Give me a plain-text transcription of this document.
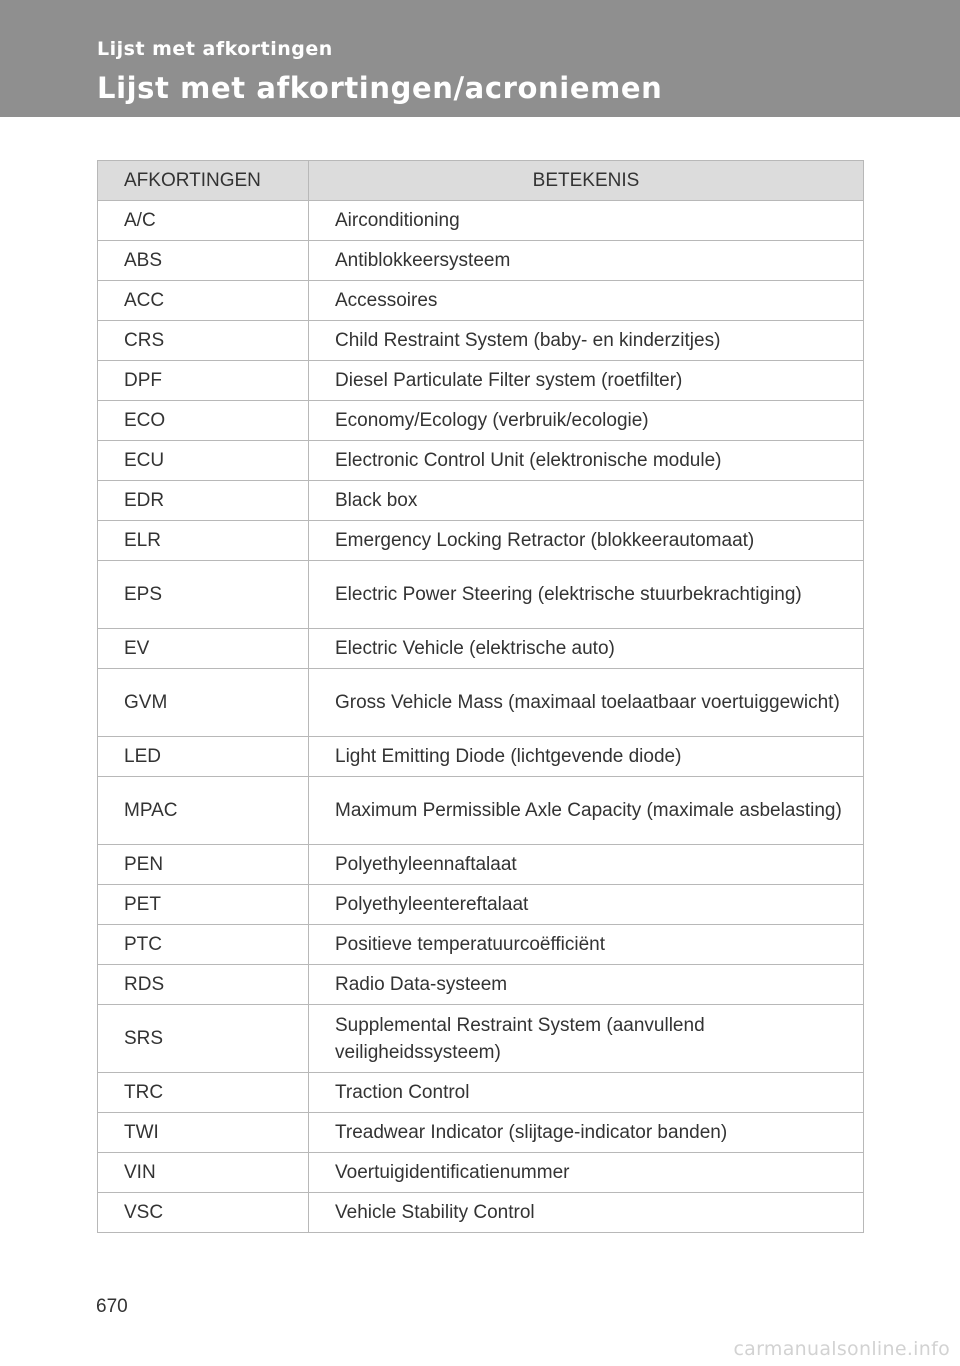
Lijst met afkortingen
Lijst met afkortingen/acroniemen
AFKORTINGEN	BETEKENIS
A/C	Airconditioning
ABS	Antiblokkeersysteem
ACC	Accessoires
CRS	Child Restraint System (baby- en kinderzitjes)
DPF	Diesel Particulate Filter system (roetfilter)
ECO	Economy/Ecology (verbruik/ecologie)
ECU	Electronic Control Unit (elektronische module)
EDR	Black box
ELR	Emergency Locking Retractor (blokkeerautomaat)
EPS	Electric Power Steering (elektrische stuurbekrachtiging)
EV	Electric Vehicle (elektrische auto)
GVM	Gross Vehicle Mass (maximaal toelaatbaar voertuiggewicht)
LED	Light Emitting Diode (lichtgevende diode)
MPAC	Maximum Permissible Axle Capacity (maximale asbelasting)
PEN	Polyethyleennaftalaat
PET	Polyethyleentereftalaat
PTC	Positieve temperatuurcoëfficiënt
RDS	Radio Data-systeem
SRS	Supplemental Restraint System (aanvullend veiligheidssysteem)
TRC	Traction Control
TWI	Treadwear Indicator (slijtage-indicator banden)
VIN	Voertuigidentificatienummer
VSC	Vehicle Stability Control
670
carmanualsonline.info
